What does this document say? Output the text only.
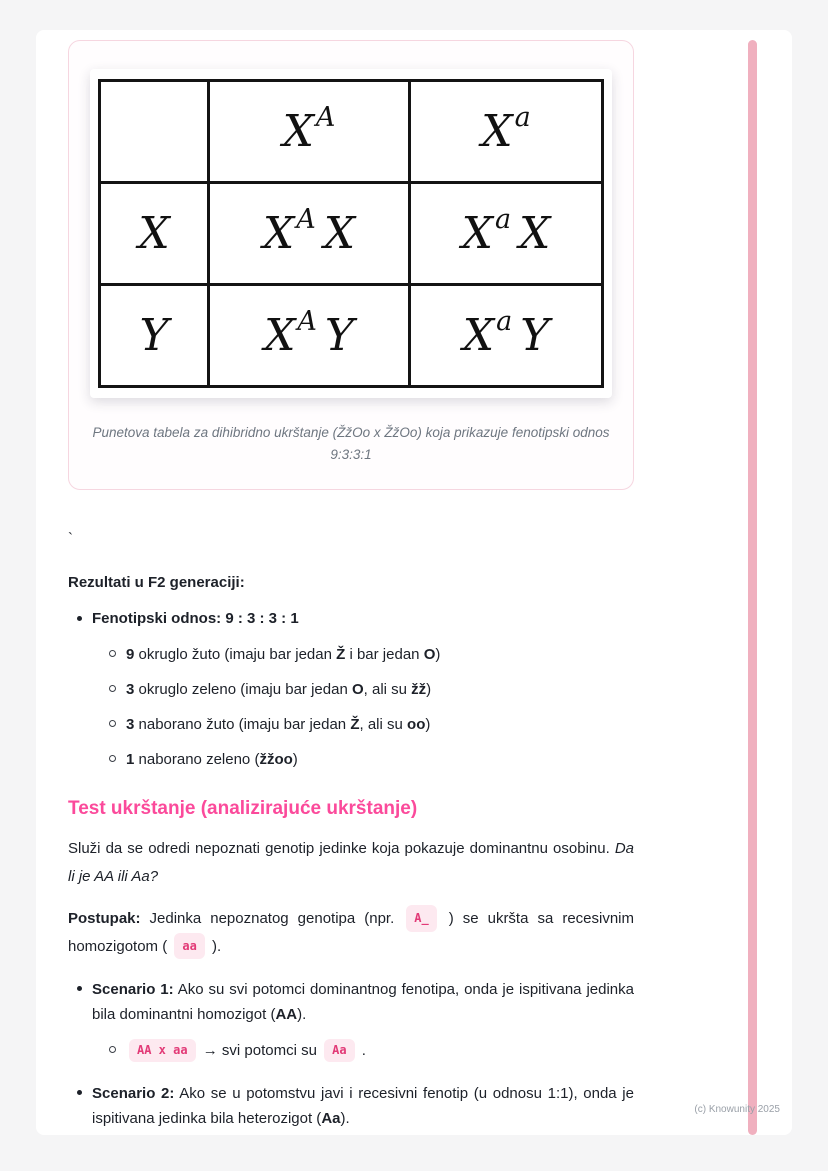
	$X^A$	$X^a$
X	$X^A$ X	$X^a$ X
Y	$X^A$ Y	$X^a$ Y
Punetova tabela za dihibridno ukrštanje (ŽžOo x ŽžOo) koja prikazuje fenotipski odnos 9:3:3:1
`
Rezultati u F2 generaciji:
Fenotipski odnos: 9 : 3 : 3 : 1
9 okruglo žuto (imaju bar jedan Ž i bar jedan O)
3 okruglo zeleno (imaju bar jedan O, ali su žž)
3 naborano žuto (imaju bar jedan Ž, ali su oo)
1 naborano zeleno (žžoo)
Test ukrštanje (analizirajuće ukrštanje)

Služi da se odredi nepoznati genotip jedinke koja pokazuje dominantnu osobinu. Da li je AA ili Aa?

Postupak: Jedinka nepoznatog genotipa (npr. A_ ) se ukršta sa recesivnim homozigotom ( aa ).

Scenario 1: Ako su svi potomci dominantnog fenotipa, onda je ispitivana jedinka bila dominantni homozigot (AA).
AA x aa → svi potomci su Aa .
Scenario 2: Ako se u potomstvu javi i recesivni fenotip (u odnosu 1:1), onda je ispitivana jedinka bila heterozigot (Aa).
(c) Knowunity 2025
